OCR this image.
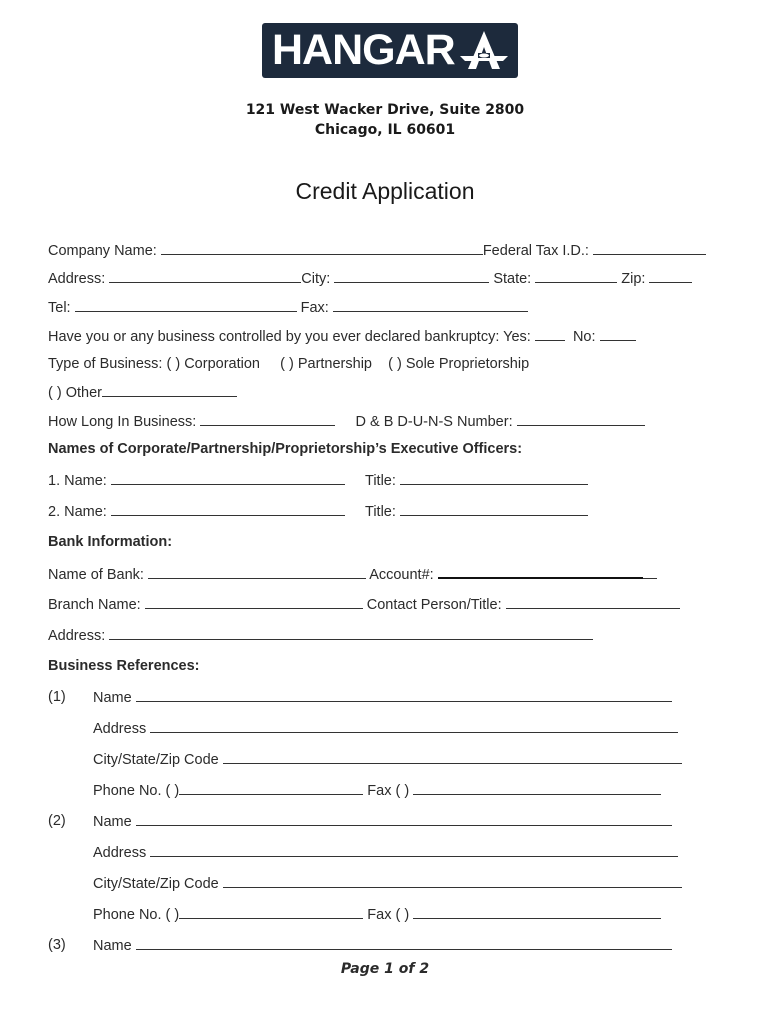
HANGAR
121 West Wacker Drive, Suite 2800
Chicago, IL 60601
Credit Application
Company Name:	Federal Tax I.D.:
Address:	City:	State:	Zip:
Tel:	Fax:
Have you or any business controlled by you ever declared bankruptcy: Yes:	No:
Type of Business: ( ) Corporation ( ) Partnership ( ) Sole Proprietorship
( ) Other
How Long In Business:	D & B D-U-N-S Number:
Names of Corporate/Partnership/Proprietorship’s Executive Officers:
1. Name:	Title:
2. Name:	Title:
Bank Information:
Name of Bank:	Account#:
Branch Name:	Contact Person/Title:
Address:
Business References:
(1) Name
Address
City/State/Zip Code
Phone No. ( )	Fax ( )
(2) Name
Address
City/State/Zip Code
Phone No. ( )	Fax ( )
(3) Name
Page 1 of 2
